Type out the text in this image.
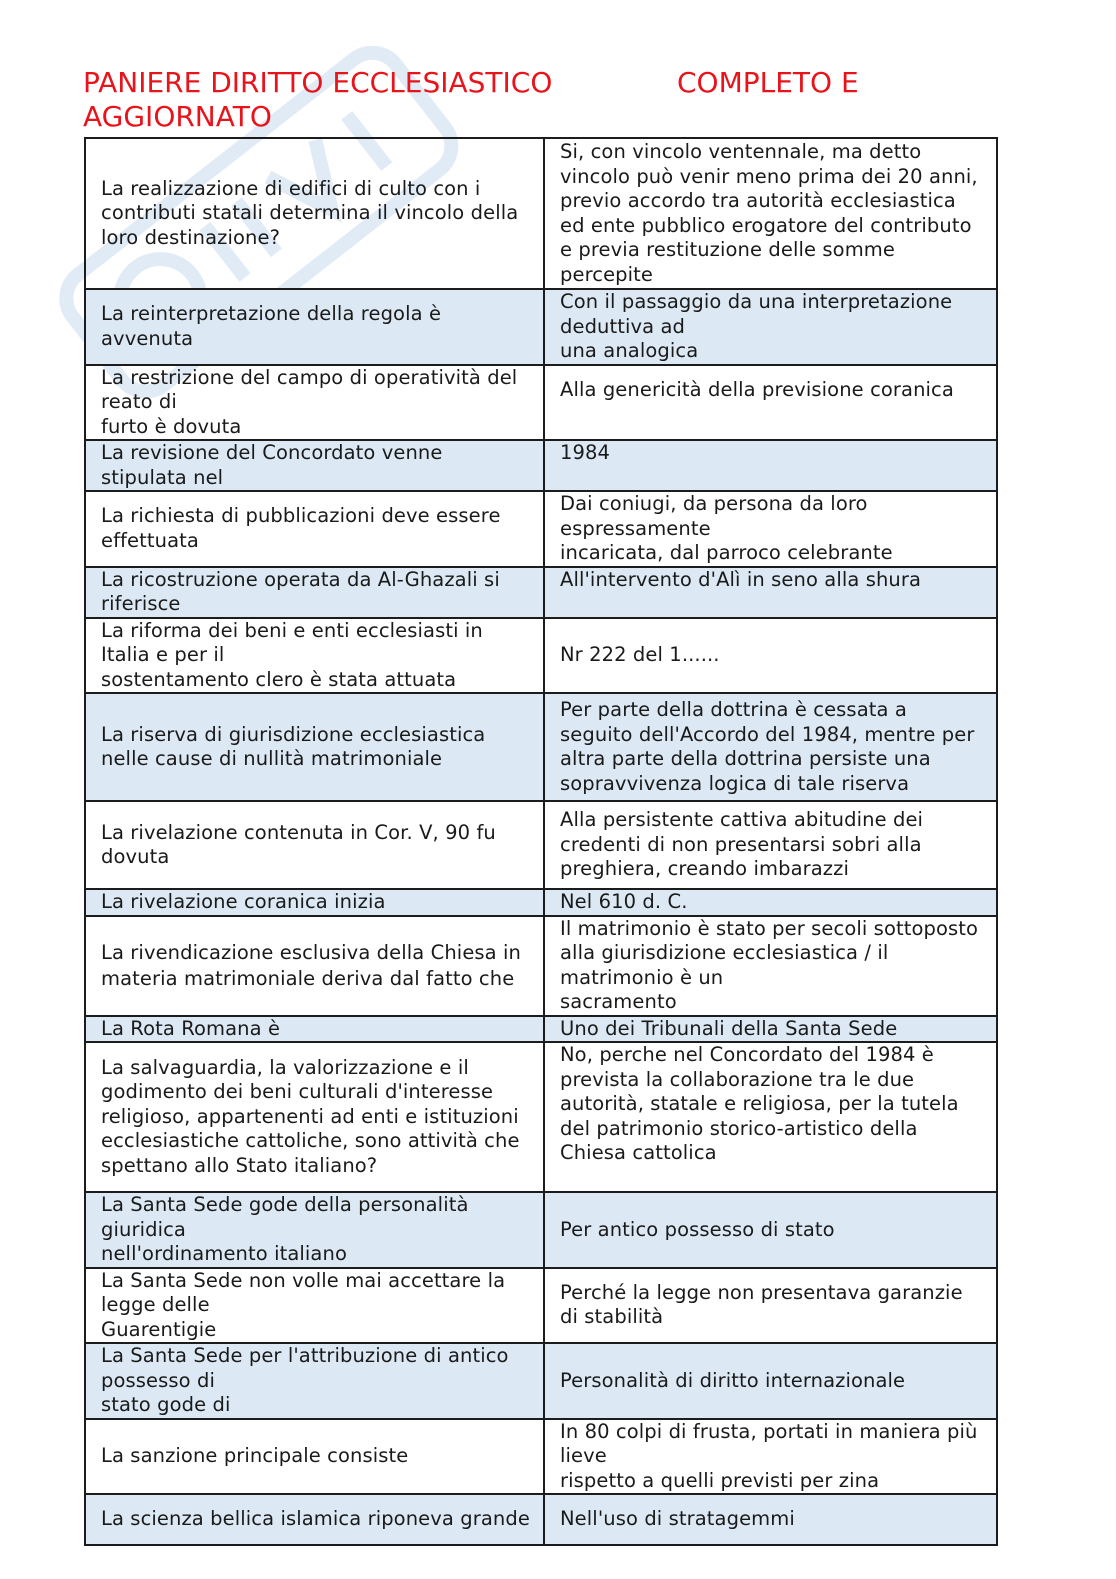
PANIERE DIRITTO ECCLESIASTICO	COMPLETO E
AGGIORNATO
La realizzazione di edifici di culto con i contributi statali determina il vincolo della loro destinazione?	Si, con vincolo ventennale, ma detto vincolo può venir meno prima dei 20 anni, previo accordo tra autorità ecclesiastica ed ente pubblico erogatore del contributo e previa restituzione delle somme percepite

La reinterpretazione della regola è avvenuta	Con il passaggio da una interpretazione deduttiva ad
una analogica

La restrizione del campo di operatività del reato di
furto è dovuta	Alla genericità della previsione coranica

La revisione del Concordato venne stipulata nel	1984

La richiesta di pubblicazioni deve essere effettuata	Dai coniugi, da persona da loro espressamente
incaricata, dal parroco celebrante

La ricostruzione operata da Al-Ghazali si riferisce	All'intervento d'Alì in seno alla shura

La riforma dei beni e enti ecclesiasti in Italia e per il
sostentamento clero è stata attuata	Nr 222 del 1......

La riserva di giurisdizione ecclesiastica nelle cause di nullità matrimoniale	Per parte della dottrina è cessata a seguito dell'Accordo del 1984, mentre per altra parte della dottrina persiste una sopravvivenza logica di tale riserva

La rivelazione contenuta in Cor. V, 90 fu dovuta	Alla persistente cattiva abitudine dei credenti di non presentarsi sobri alla preghiera, creando imbarazzi

La rivelazione coranica inizia	Nel 610 d. C.

La rivendicazione esclusiva della Chiesa in materia matrimoniale deriva dal fatto che	Il matrimonio è stato per secoli sottoposto alla giurisdizione ecclesiastica / il matrimonio è un
sacramento

La Rota Romana è	Uno dei Tribunali della Santa Sede

La salvaguardia, la valorizzazione e il godimento dei beni culturali d'interesse religioso, appartenenti ad enti e istituzioni ecclesiastiche cattoliche, sono attività che spettano allo Stato italiano?	No, perche nel Concordato del 1984 è prevista la collaborazione tra le due autorità, statale e religiosa, per la tutela del patrimonio storico-artistico della Chiesa cattolica

La Santa Sede gode della personalità giuridica
nell'ordinamento italiano	Per antico possesso di stato

La Santa Sede non volle mai accettare la legge delle
Guarentigie	Perché la legge non presentava garanzie di stabilità

La Santa Sede per l'attribuzione di antico possesso di
stato gode di	Personalità di diritto internazionale

La sanzione principale consiste	In 80 colpi di frusta, portati in maniera più lieve
rispetto a quelli previsti per zina

La scienza bellica islamica riponeva grande	Nell'uso di stratagemmi
